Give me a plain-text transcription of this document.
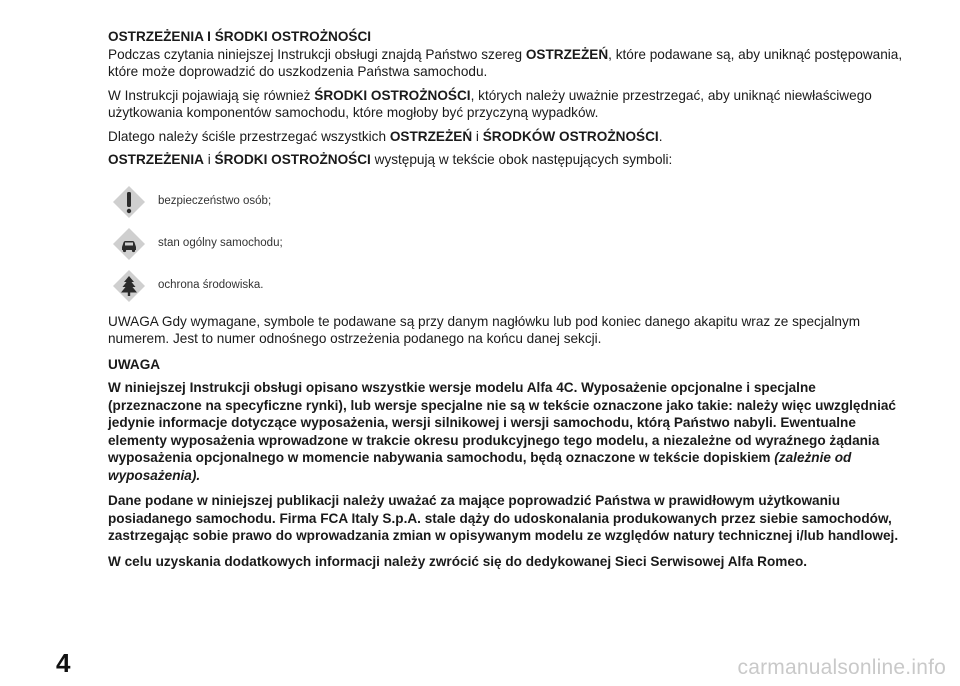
OSTRZEŻENIA I ŚRODKI OSTROŻNOŚCI

Podczas czytania niniejszej Instrukcji obsługi znajdą Państwo szereg OSTRZEŻEŃ, które podawane są, aby uniknąć postępowania, które może doprowadzić do uszkodzenia Państwa samochodu.

W Instrukcji pojawiają się również ŚRODKI OSTROŻNOŚCI, których należy uważnie przestrzegać, aby uniknąć niewłaściwego użytkowania komponentów samochodu, które mogłoby być przyczyną wypadków.

Dlatego należy ściśle przestrzegać wszystkich OSTRZEŻEŃ i ŚRODKÓW OSTROŻNOŚCI.

OSTRZEŻENIA i ŚRODKI OSTROŻNOŚCI występują w tekście obok następujących symboli:

bezpieczeństwo osób;
stan ogólny samochodu;
ochrona środowiska.

UWAGA Gdy wymagane, symbole te podawane są przy danym nagłówku lub pod koniec danego akapitu wraz ze specjalnym numerem. Jest to numer odnośnego ostrzeżenia podanego na końcu danej sekcji.

UWAGA

W niniejszej Instrukcji obsługi opisano wszystkie wersje modelu Alfa 4C. Wyposażenie opcjonalne i specjalne (przeznaczone na specyficzne rynki), lub wersje specjalne nie są w tekście oznaczone jako takie: należy więc uwzględniać jedynie informacje dotyczące wyposażenia, wersji silnikowej i wersji samochodu, którą Państwo nabyli. Ewentualne elementy wyposażenia wprowadzone w trakcie okresu produkcyjnego tego modelu, a niezależne od wyraźnego żądania wyposażenia opcjonalnego w momencie nabywania samochodu, będą oznaczone w tekście dopiskiem (zależnie od wyposażenia).

Dane podane w niniejszej publikacji należy uważać za mające poprowadzić Państwa w prawidłowym użytkowaniu posiadanego samochodu. Firma FCA Italy S.p.A. stale dąży do udoskonalania produkowanych przez siebie samochodów, zastrzegając sobie prawo do wprowadzania zmian w opisywanym modelu ze względów natury technicznej i/lub handlowej.

W celu uzyskania dodatkowych informacji należy zwrócić się do dedykowanej Sieci Serwisowej Alfa Romeo.

4	carmanualsonline.info
